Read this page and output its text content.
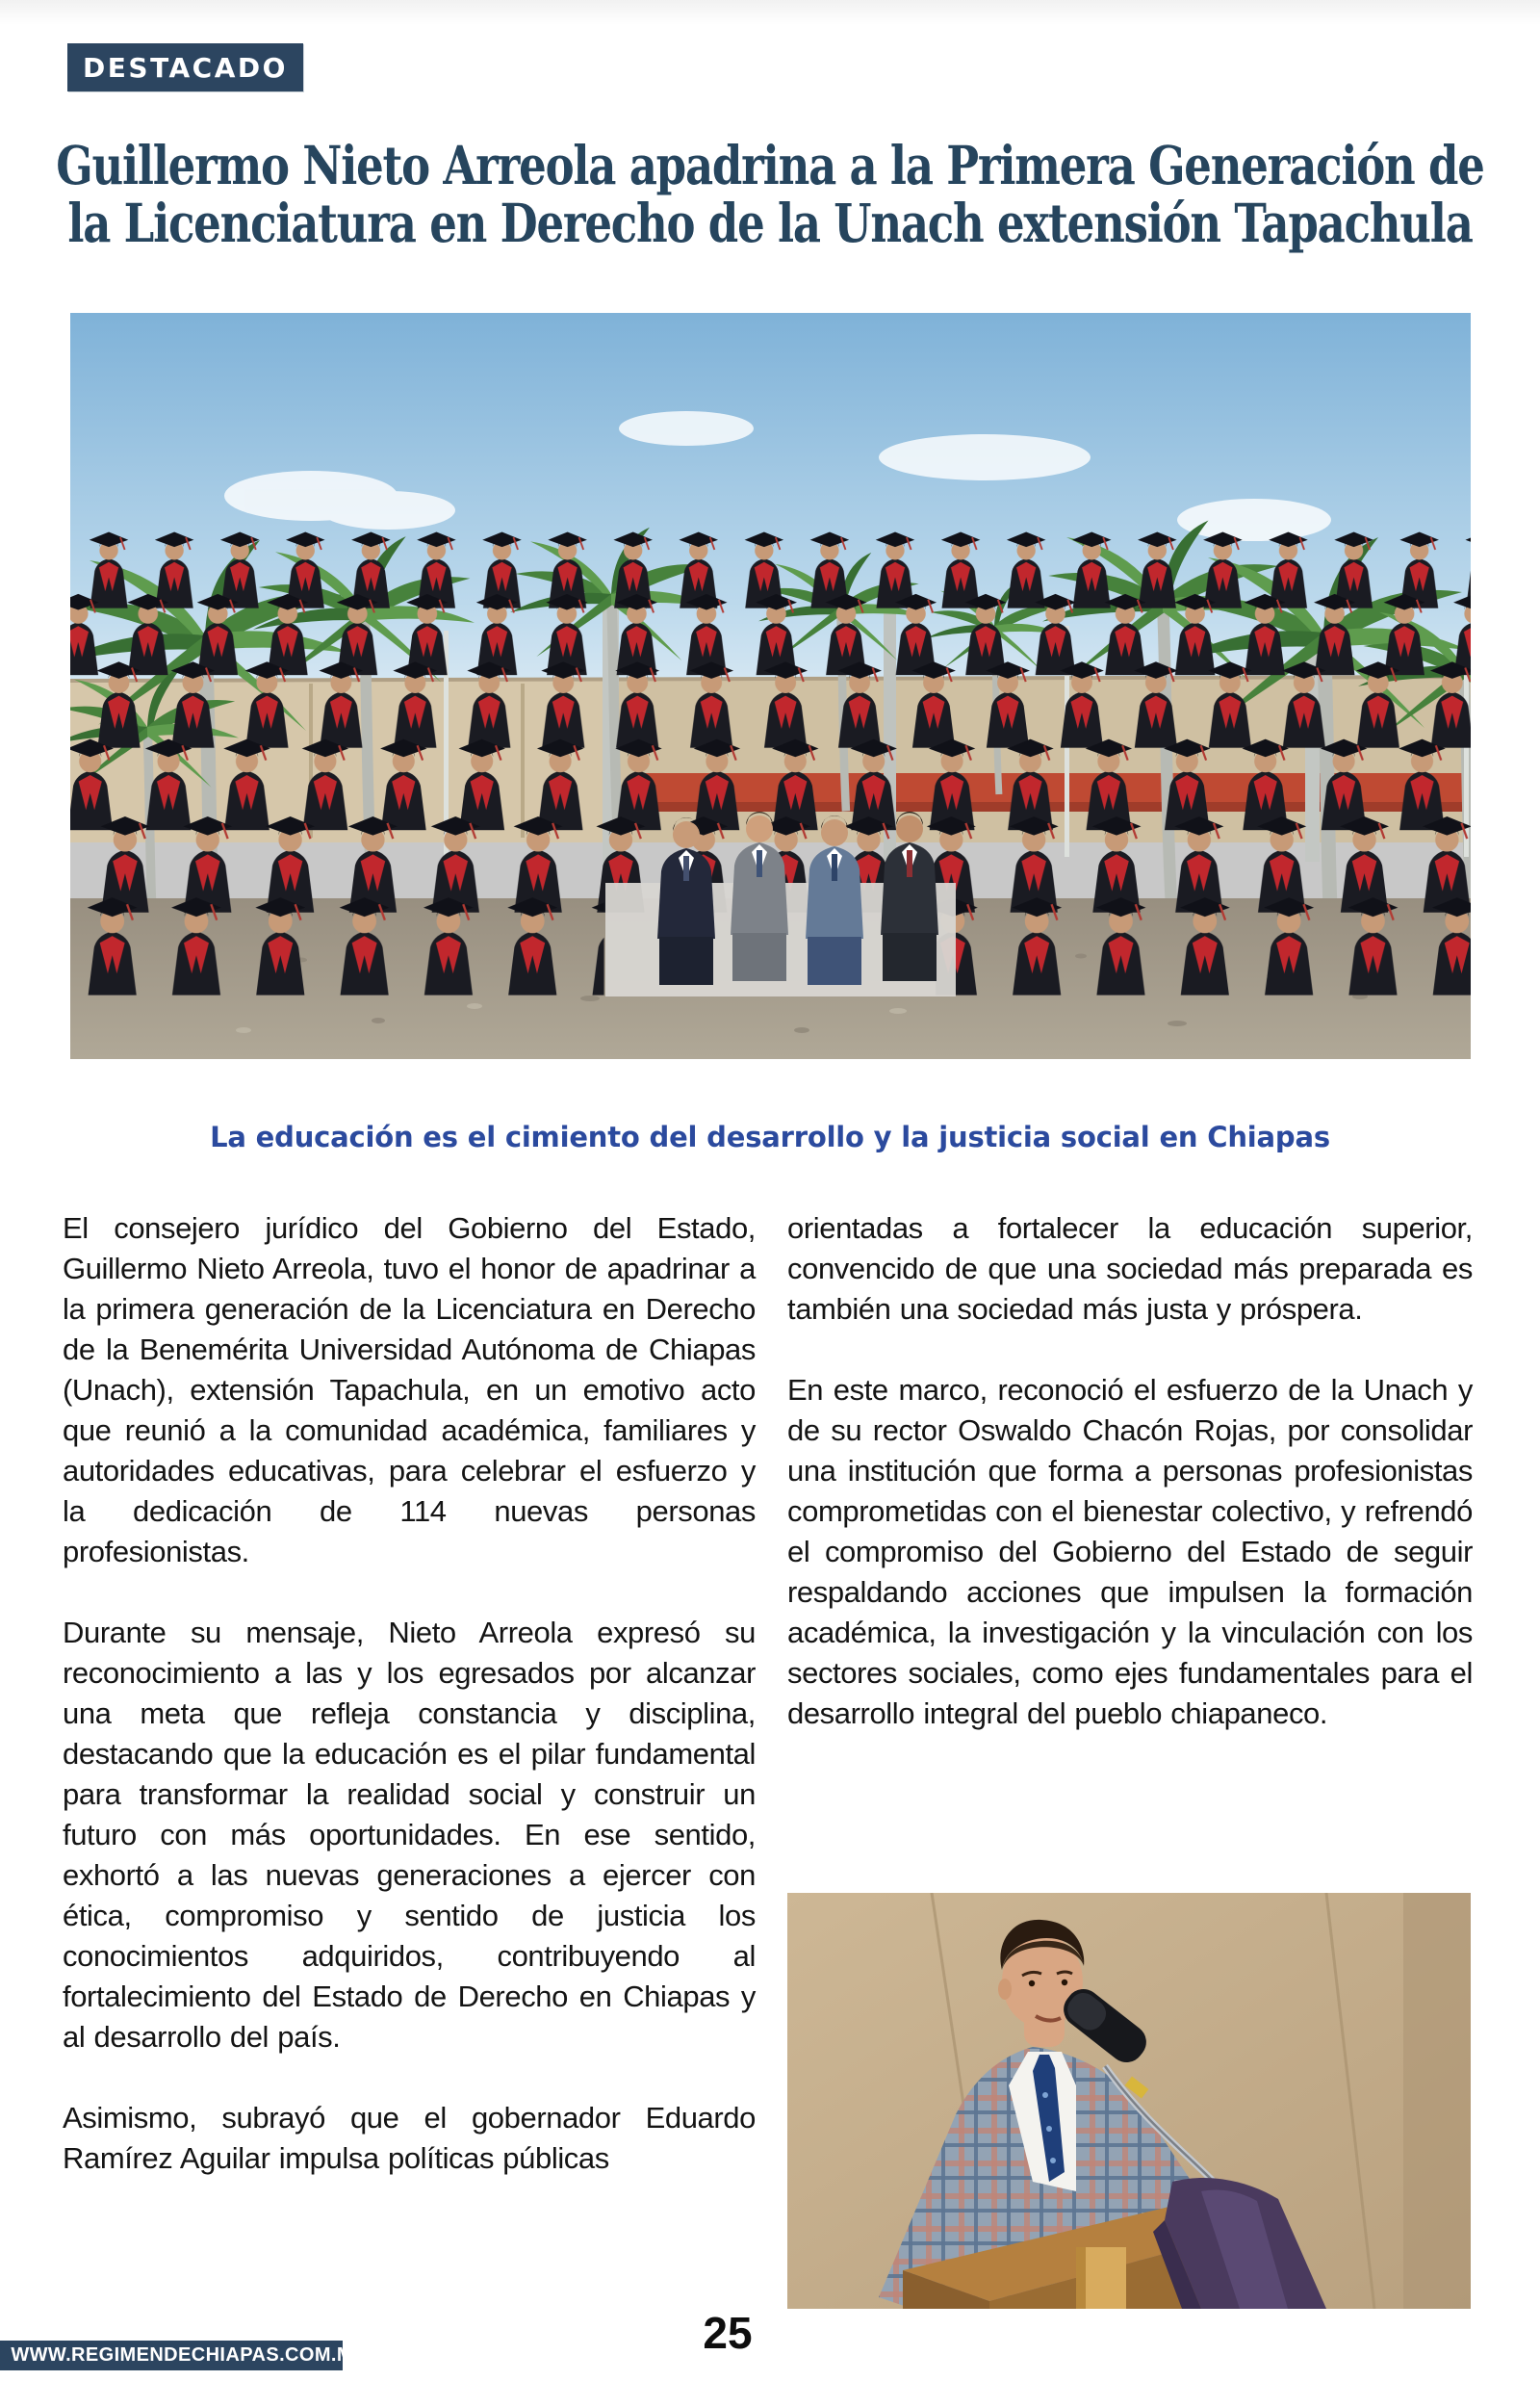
DESTACADO
Guillermo Nieto Arreola apadrina a la Primera Generación de
la Licenciatura en Derecho de la Unach extensión Tapachula
La educación es el cimiento del desarrollo y la justicia social en Chiapas

El consejero jurídico del Gobierno del Estado, Guillermo Nieto Arreola, tuvo el honor de apadrinar a la primera generación de la Licenciatura en Derecho de la Benemérita Universidad Autónoma de Chiapas (Unach), extensión Tapachula, en un emotivo acto que reunió a la comunidad académica, familiares y autoridades educativas, para celebrar el esfuerzo y la dedicación de 114 nuevas personas profesionistas.

Durante su mensaje, Nieto Arreola expresó su reconocimiento a las y los egresados por alcanzar una meta que refleja constancia y disciplina, destacando que la educación es el pilar fundamental para transformar la realidad social y construir un futuro con más oportunidades. En ese sentido, exhortó a las nuevas generaciones a ejercer con ética, compromiso y sentido de justicia los conocimientos adquiridos, contribuyendo al fortalecimiento del Estado de Derecho en Chiapas y al desarrollo del país.

Asimismo, subrayó que el gobernador Eduardo Ramírez Aguilar impulsa políticas públicas

orientadas a fortalecer la educación superior, convencido de que una sociedad más preparada es también una sociedad más justa y próspera.

En este marco, reconoció el esfuerzo de la Unach y de su rector Oswaldo Chacón Rojas, por consolidar una institución que forma a personas profesionistas comprometidas con el bienestar colectivo, y refrendó el compromiso del Gobierno del Estado de seguir respaldando acciones que impulsen la formación académica, la investigación y la vinculación con los sectores sociales, como ejes fundamentales para el desarrollo integral del pueblo chiapaneco.

25
WWW.REGIMENDECHIAPAS.COM.MX
